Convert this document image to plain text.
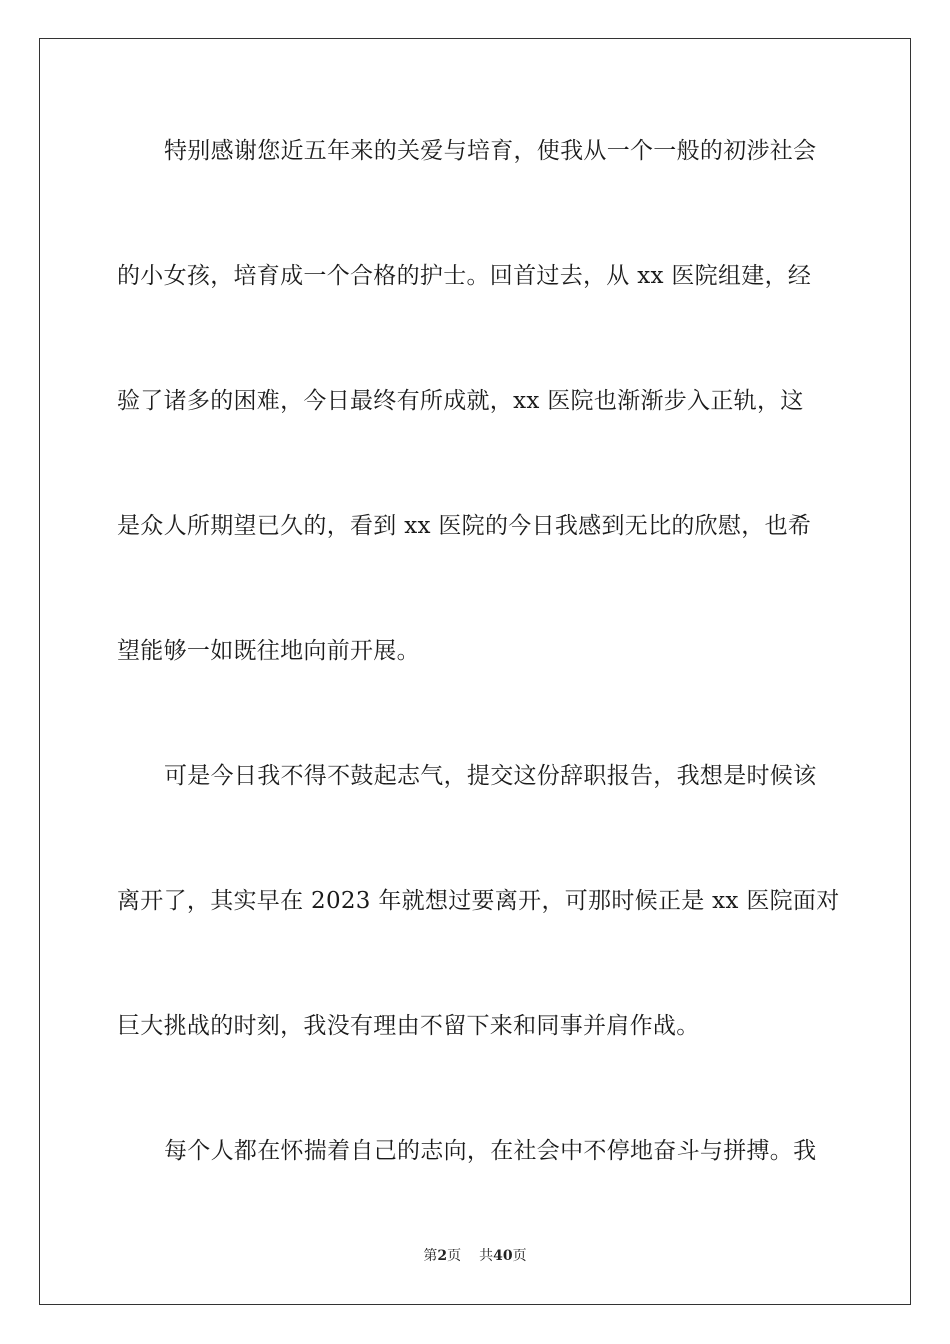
特别感谢您近五年来的关爱与培育，使我从一个一般的初涉社会
的小女孩，培育成一个合格的护士。回首过去，从 xx 医院组建，经
验了诸多的困难，今日最终有所成就，xx 医院也渐渐步入正轨，这
是众人所期望已久的，看到 xx 医院的今日我感到无比的欣慰，也希
望能够一如既往地向前开展。
可是今日我不得不鼓起志气，提交这份辞职报告，我想是时候该
离开了，其实早在 2023 年就想过要离开，可那时候正是 xx 医院面对
巨大挑战的时刻，我没有理由不留下来和同事并肩作战。
每个人都在怀揣着自己的志向，在社会中不停地奋斗与拼搏。我
第2页 共40页
